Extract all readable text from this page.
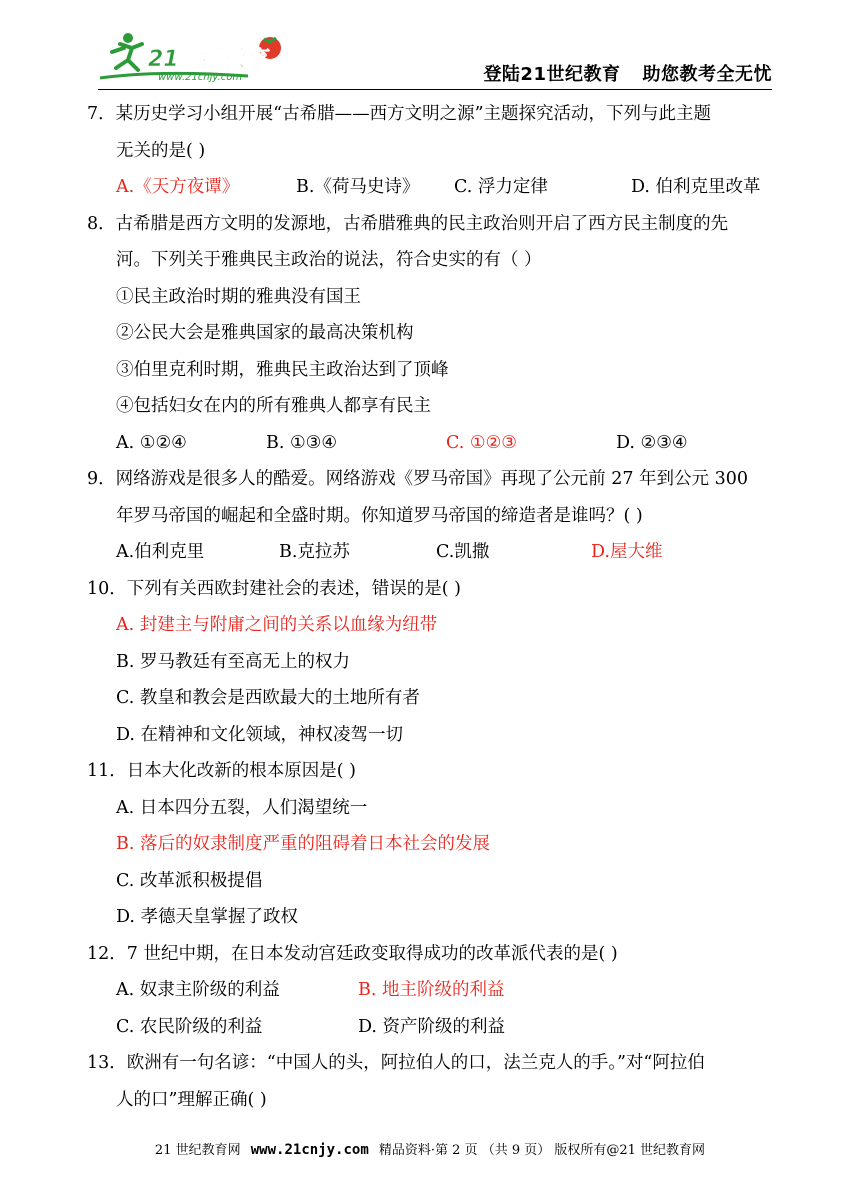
21世纪教育
www.21cnjy.com	登陆21世纪教育 助您教考全无忧
7．某历史学习小组开展“古希腊——西方文明之源”主题探究活动，下列与此主题
无关的是( )
A.《天方夜谭》	B.《荷马史诗》	C. 浮力定律	D. 伯利克里改革
8．古希腊是西方文明的发源地，古希腊雅典的民主政治则开启了西方民主制度的先
河。下列关于雅典民主政治的说法，符合史实的有（ ）
①民主政治时期的雅典没有国王
②公民大会是雅典国家的最高决策机构
③伯里克利时期，雅典民主政治达到了顶峰
④包括妇女在内的所有雅典人都享有民主
A. ①②④	B. ①③④	C. ①②③	D. ②③④
9．网络游戏是很多人的酷爱。网络游戏《罗马帝国》再现了公元前 27 年到公元 300
年罗马帝国的崛起和全盛时期。你知道罗马帝国的缔造者是谁吗？( )
A.伯利克里	B.克拉苏	C.凯撒	D.屋大维
10．下列有关西欧封建社会的表述，错误的是( )
A. 封建主与附庸之间的关系以血缘为纽带
B. 罗马教廷有至高无上的权力
C. 教皇和教会是西欧最大的土地所有者
D. 在精神和文化领域，神权凌驾一切
11．日本大化改新的根本原因是( )
A. 日本四分五裂，人们渴望统一
B. 落后的奴隶制度严重的阻碍着日本社会的发展
C. 改革派积极提倡
D. 孝德天皇掌握了政权
12．7 世纪中期，在日本发动宫廷政变取得成功的改革派代表的是( )
A. 奴隶主阶级的利益	B. 地主阶级的利益
C. 农民阶级的利益	D. 资产阶级的利益
13．欧洲有一句名谚：“中国人的头，阿拉伯人的口，法兰克人的手。”对“阿拉伯
人的口”理解正确( )
21 世纪教育网 www.21cnjy.com 精品资料·第 2 页 （共 9 页） 版权所有@21 世纪教育网
